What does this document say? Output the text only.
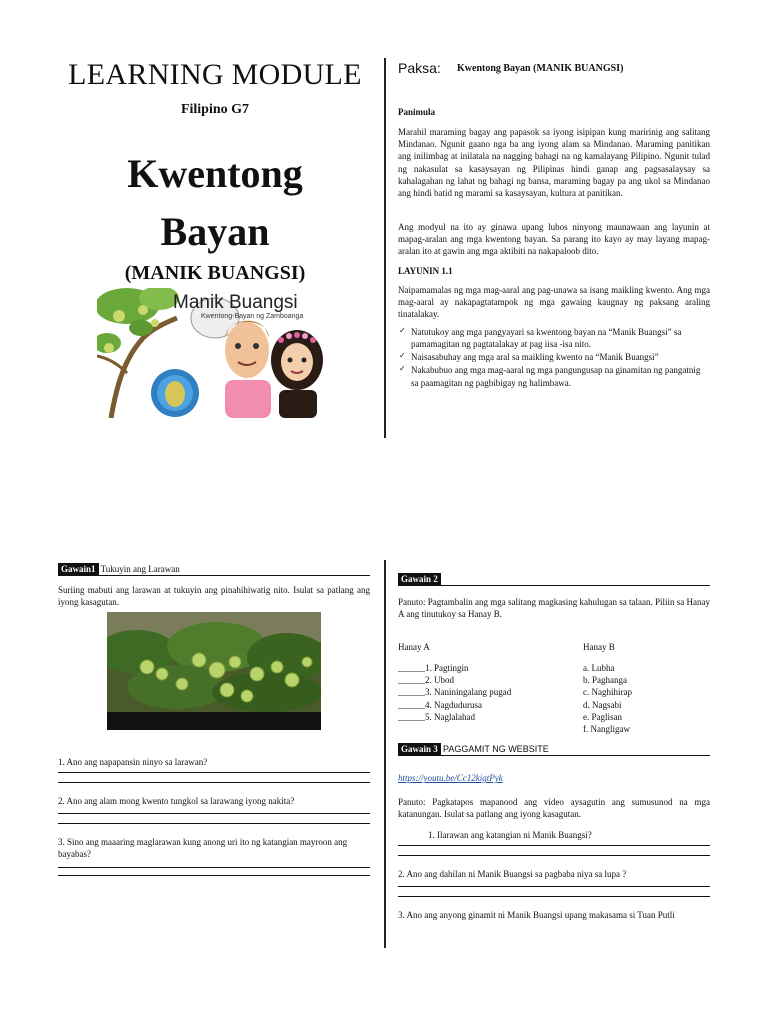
LEARNING MODULE
Filipino G7
Kwentong
Bayan
(MANIK BUANGSI)
Manik Buangsi
Kwentong-Bayan ng Zamboanga
Paksa: Kwentong Bayan (MANIK BUANGSI)
Panimula
Marahil maraming bagay ang papasok sa iyong isipipan kung maririnig ang salitang Mindanao. Ngunit gaano nga ba ang iyong alam sa Mindanao. Maraming panitikan ang inilimbag at inilatala na nagging bahagi na ng kamalayang Pilipino. Ngunit tulad ng nakasulat sa kasaysayan ng Pilipinas hindi ganap ang pagsasalaysay sa kahalagahan ng lahat ng bahagi ng bansa, maraming bagay pa ang ukol sa Mindanao ang hindi batid ng marami sa kasaysayan, kultura at panitikan.
Ang modyul na ito ay ginawa upang lubos ninyong maunawaan ang layunin at mapag-aralan ang mga kwentong bayan. Sa parang ito kayo ay may layang mapag-aralan ito at gawin ang mga aktibiti na nakapaloob dito.
LAYUNIN 1.1
Naipamamalas ng mga mag-aaral ang pag-unawa sa isang maikling kwento. Ang mga mag-aaral ay nakapagtatampok ng mga gawaing kaugnay ng paksang araling tinatalakay.
✓ Natutukoy ang mga pangyayari sa kwentong bayan na “Manik Buangsi” sa pamamagitan ng pagtatalakay at pag iisa -isa nito.
✓ Naisasabuhay ang mga aral sa maikling kwento na “Manik Buangsi”
✓ Nakabubuo ang mga mag-aaral ng mga pangungusap na ginamitan ng pangatnig sa paamagitan ng pagbibigay ng halimbawa.
Gawain1 Tukuyin ang Larawan
Suriing mabuti ang larawan at tukuyin ang pinahihiwatig nito. Isulat sa patlang ang iyong kasagutan.
1. Ano ang napapansin ninyo sa larawan?
2. Ano ang alam mong kwento tungkol sa larawang iyong nakita?
3. Sino ang maaaring maglarawan kung anong uri ito ng katangian mayroon ang bayabas?
Gawain 2
Panuto: Pagtambalin ang mga salitang magkasing kahulugan sa talaan. Piliin sa Hanay A ang tinutukoy sa Hanay B.
Hanay A
______1. Pagtingin
______2. Ubod
______3. Naniningalang pugad
______4. Nagdudurusa
______5. Naglalahad
Hanay B
a. Lubha
b. Paghanga
c. Naghihirap
d. Nagsabi
e. Paglisan
f. Nangligaw
Gawain 3 PAGGAMIT NG WEBSITE
https://youtu.be/Cc12kigtPyk
Panuto: Pagkatapos mapanood ang video aysagutin ang sumusunod na mga katanungan. Isulat sa patlang ang iyong kasagutan.
1. Ilarawan ang katangian ni Manik Buangsi?
2. Ano ang dahilan ni Manik Buangsi sa pagbaba niya sa lupa ?
3. Ano ang anyong ginamit ni Manik Buangsi upang makasama si Tuan Putli
